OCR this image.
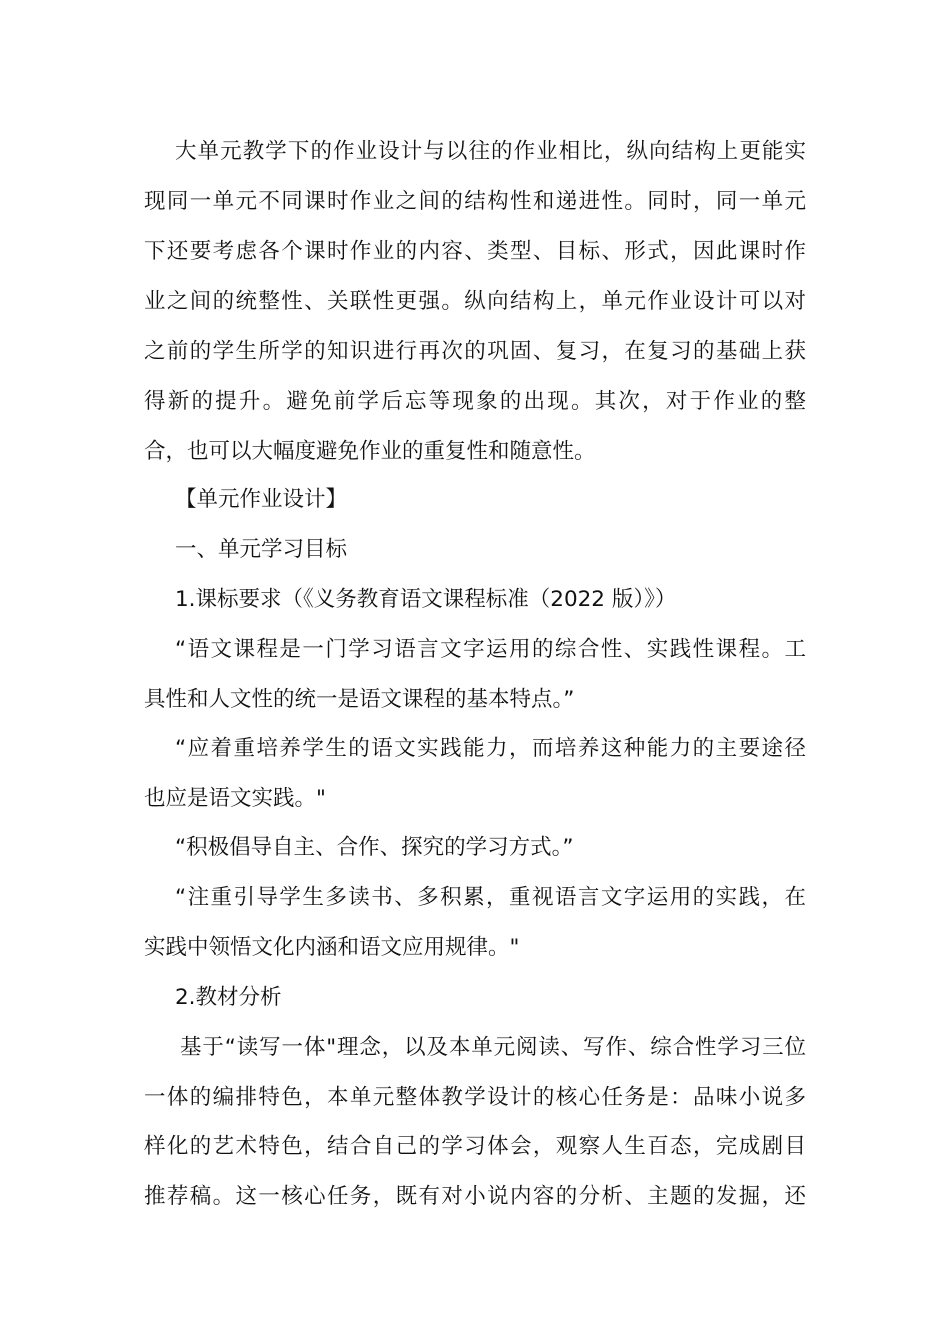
大单元教学下的作业设计与以往的作业相比，纵向结构上更能实
现同一单元不同课时作业之间的结构性和递进性。同时，同一单元
下还要考虑各个课时作业的内容、类型、目标、形式，因此课时作
业之间的统整性、关联性更强。纵向结构上，单元作业设计可以对
之前的学生所学的知识进行再次的巩固、复习，在复习的基础上获
得新的提升。避免前学后忘等现象的出现。其次，对于作业的整
合，也可以大幅度避免作业的重复性和随意性。
【单元作业设计】
一、单元学习目标
1.课标要求（《义务教育语文课程标准（2022 版）》）
“语文课程是一门学习语言文字运用的综合性、实践性课程。工
具性和人文性的统一是语文课程的基本特点。”
“应着重培养学生的语文实践能力，而培养这种能力的主要途径
也应是语文实践。"
“积极倡导自主、合作、探究的学习方式。”
“注重引导学生多读书、多积累，重视语言文字运用的实践，在
实践中领悟文化内涵和语文应用规律。"
2.教材分析
基于“读写一体"理念，以及本单元阅读、写作、综合性学习三位
一体的编排特色，本单元整体教学设计的核心任务是：品味小说多
样化的艺术特色，结合自己的学习体会，观察人生百态，完成剧目
推荐稿。这一核心任务，既有对小说内容的分析、主题的发掘，还
